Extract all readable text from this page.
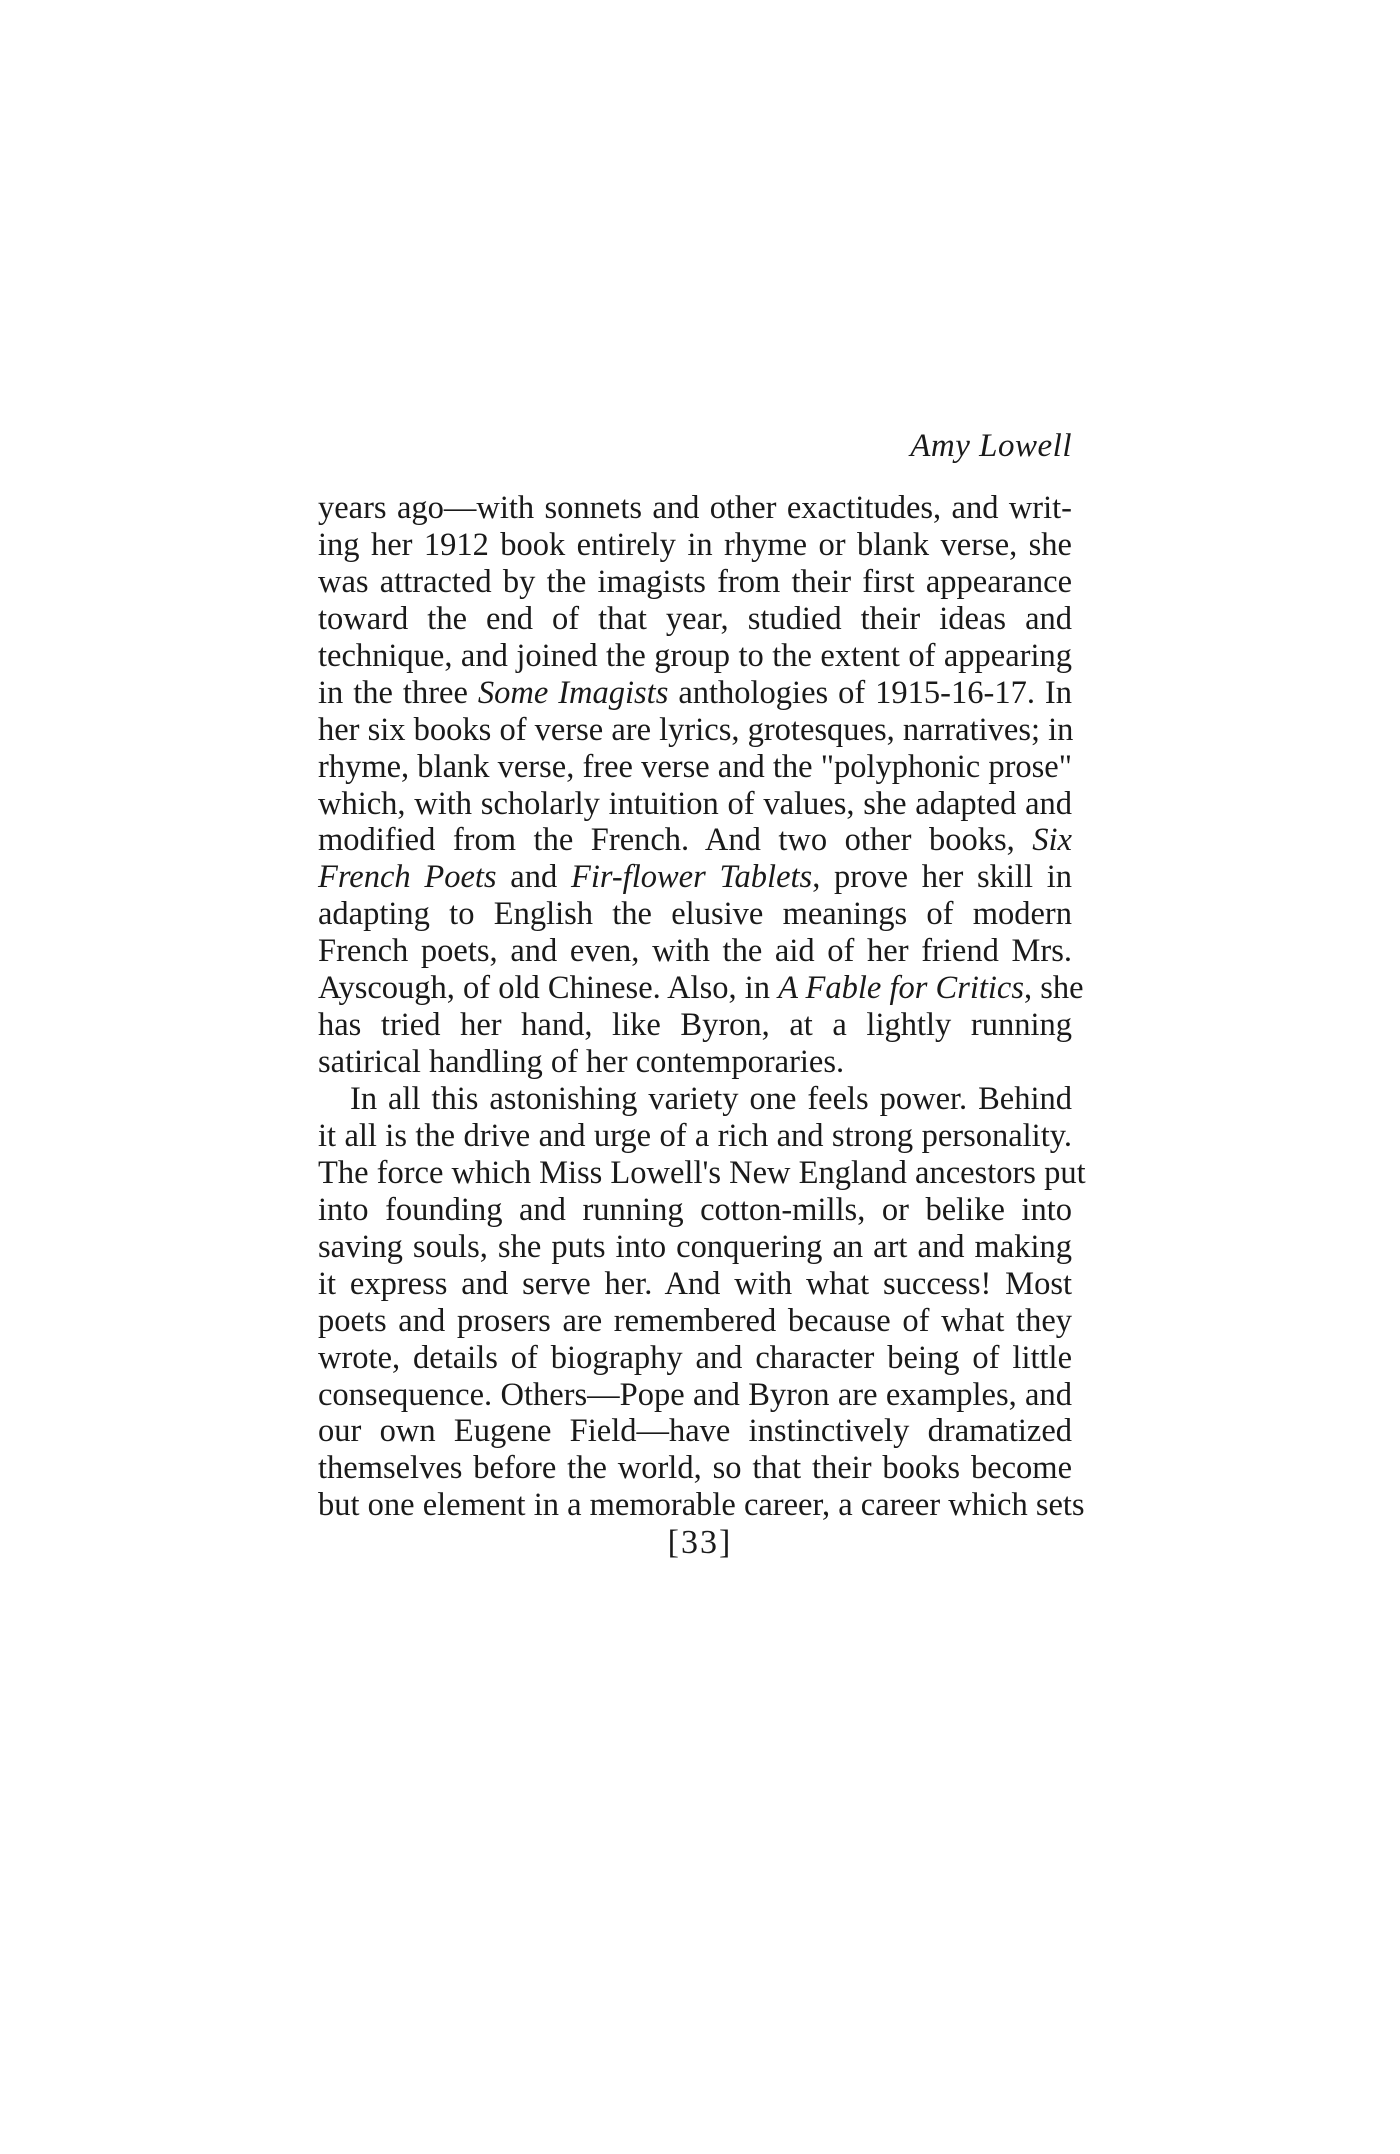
Amy Lowell
years ago—with sonnets and other exactitudes, and writ-
ing her 1912 book entirely in rhyme or blank verse, she
was attracted by the imagists from their first appearance
toward the end of that year, studied their ideas and
technique, and joined the group to the extent of appearing
in the three Some Imagists anthologies of 1915-16-17. In
her six books of verse are lyrics, grotesques, narratives; in
rhyme, blank verse, free verse and the "polyphonic prose"
which, with scholarly intuition of values, she adapted and
modified from the French. And two other books, Six
French Poets and Fir-flower Tablets, prove her skill in
adapting to English the elusive meanings of modern
French poets, and even, with the aid of her friend Mrs.
Ayscough, of old Chinese. Also, in A Fable for Critics, she
has tried her hand, like Byron, at a lightly running
satirical handling of her contemporaries.
In all this astonishing variety one feels power. Behind
it all is the drive and urge of a rich and strong personality.
The force which Miss Lowell's New England ancestors put
into founding and running cotton-mills, or belike into
saving souls, she puts into conquering an art and making
it express and serve her. And with what success! Most
poets and prosers are remembered because of what they
wrote, details of biography and character being of little
consequence. Others—Pope and Byron are examples, and
our own Eugene Field—have instinctively dramatized
themselves before the world, so that their books become
but one element in a memorable career, a career which sets
[33]
